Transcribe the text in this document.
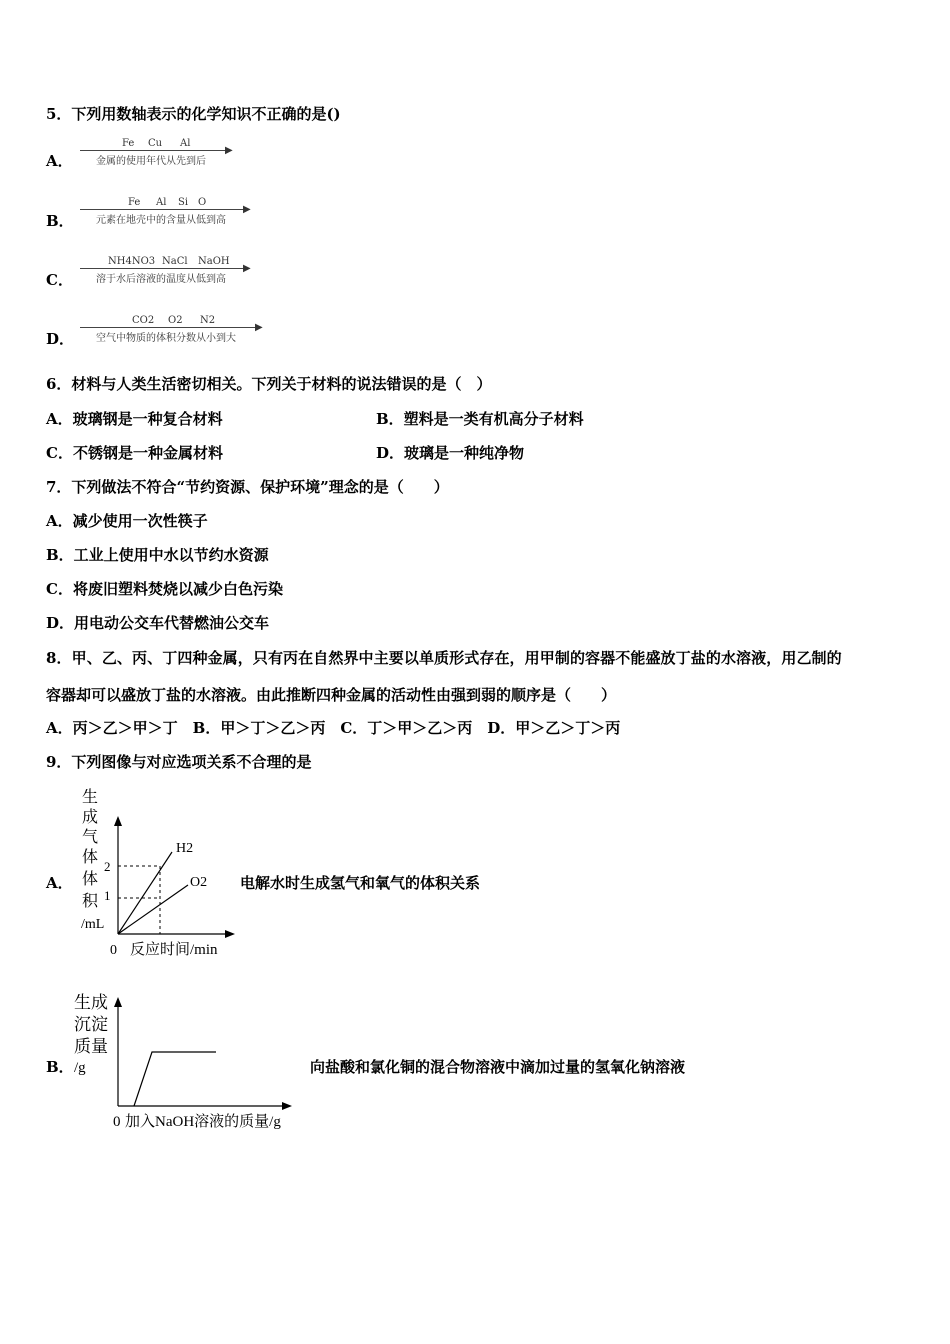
5．下列用数轴表示的化学知识不正确的是()
A．
Fe Cu Al
▶
金属的使用年代从先到后
B．
Fe Al Si O
▶
元素在地壳中的含量从低到高
C．
NH4NO3 NaCl NaOH
▶
溶于水后溶液的温度从低到高
D．
CO2 O2 N2
▶
空气中物质的体积分数从小到大
6．材料与人类生活密切相关。下列关于材料的说法错误的是（　）
A．玻璃钢是一种复合材料	B．塑料是一类有机高分子材料
C．不锈钢是一种金属材料	D．玻璃是一种纯净物
7．下列做法不符合“节约资源、保护环境”理念的是（　　）
A．减少使用一次性筷子
B．工业上使用中水以节约水资源
C．将废旧塑料焚烧以减少白色污染
D．用电动公交车代替燃油公交车
8．甲、乙、丙、丁四种金属，只有丙在自然界中主要以单质形式存在，用甲制的容器不能盛放丁盐的水溶液，用乙制的
容器却可以盛放丁盐的水溶液。由此推断四种金属的活动性由强到弱的顺序是（　　）
A．丙＞乙＞甲＞丁　B．甲＞丁＞乙＞丙　C．丁＞甲＞乙＞丙　D．甲＞乙＞丁＞丙
9．下列图像与对应选项关系不合理的是
A．
生
成
气
体
体
积
/mL
0 反应时间/min
2
1
H2
O2 电解水时生成氢气和氧气的体积关系
B．
生成
沉淀
质量
/g
0 加入NaOH溶液的质量/g
向盐酸和氯化铜的混合物溶液中滴加过量的氢氧化钠溶液
